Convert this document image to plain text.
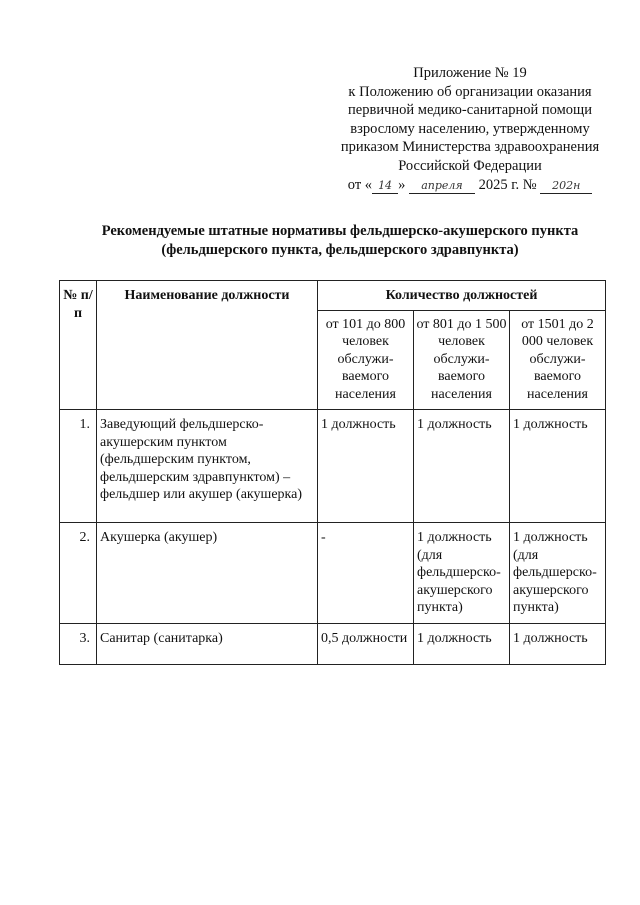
Приложение № 19
к Положению об организации оказания
первичной медико-санитарной помощи
взрослому населению, утвержденному
приказом Министерства здравоохранения
Российской Федерации
от « 14 » апреля 2025 г. № 202н
Рекомендуемые штатные нормативы фельдшерско-акушерского пункта
(фельдшерского пункта, фельдшерского здравпункта)
№ п/п	Наименование должности	Количество должностей		
		от 101 до 800 человек обслужи-ваемого населения	от 801 до 1 500 человек обслужи-ваемого населения	от 1501 до 2 000 человек обслужи-ваемого населения
1.	Заведующий фельдшерско-акушерским пунктом (фельдшерским пунктом, фельдшерским здравпунктом) – фельдшер или акушер (акушерка)	1 должность	1 должность	1 должность
2.	Акушерка (акушер)	-	1 должность (для фельдшерско-акушерского пункта)	1 должность (для фельдшерско-акушерского пункта)
3.	Санитар (санитарка)	0,5 должности	1 должность	1 должность
